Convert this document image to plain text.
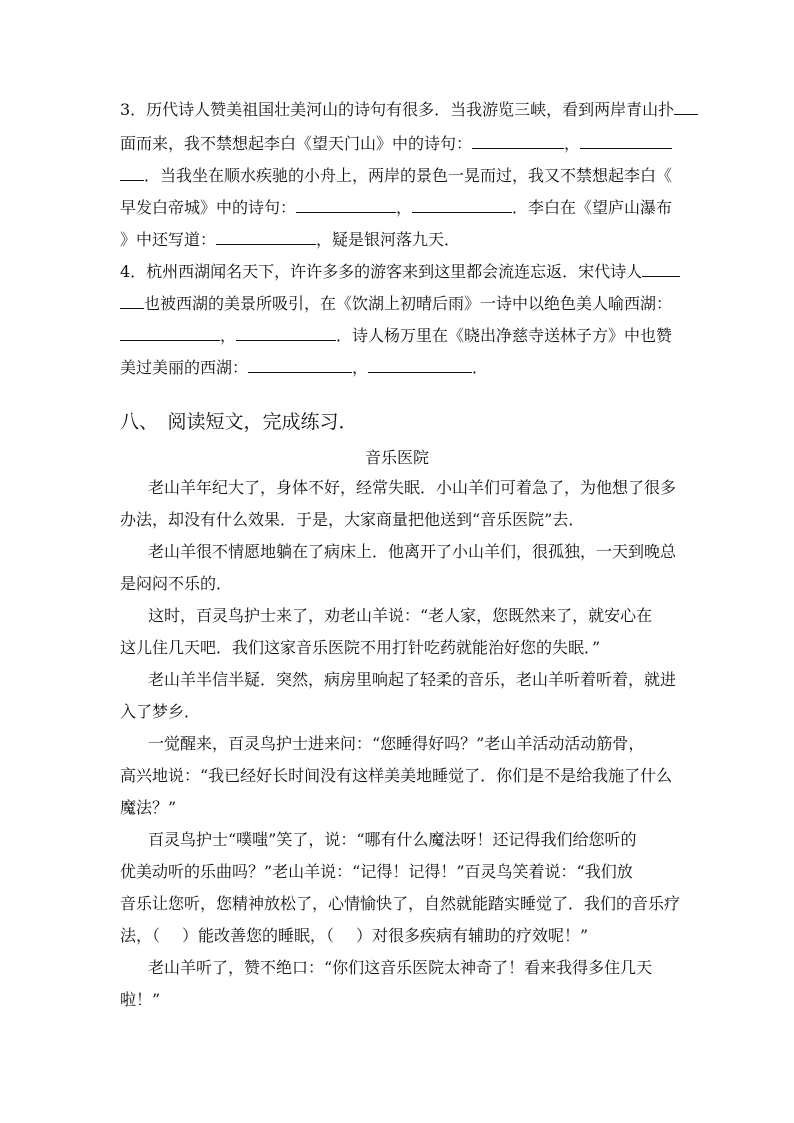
3．历代诗人赞美祖国壮美河山的诗句有很多．当我游览三峡，看到两岸青山扑
面而来，我不禁想起李白《望天门山》中的诗句：	，
．当我坐在顺水疾驰的小舟上，两岸的景色一晃而过，我又不禁想起李白《
早发白帝城》中的诗句：	，	．李白在《望庐山瀑布
》中还写道：	，疑是银河落九天．
4．杭州西湖闻名天下，许许多多的游客来到这里都会流连忘返．宋代诗人
也被西湖的美景所吸引，在《饮湖上初晴后雨》一诗中以绝色美人喻西湖：
，	．诗人杨万里在《晓出净慈寺送林子方》中也赞
美过美丽的西湖：	，	．
八、　阅读短文，完成练习．
音乐医院
老山羊年纪大了，身体不好，经常失眠．小山羊们可着急了，为他想了很多
办法，却没有什么效果．于是，大家商量把他送到“音乐医院”去．
老山羊很不情愿地躺在了病床上．他离开了小山羊们，很孤独，一天到晚总
是闷闷不乐的．
这时，百灵鸟护士来了，劝老山羊说：“老人家，您既然来了，就安心在
这儿住几天吧．我们这家音乐医院不用打针吃药就能治好您的失眠．”
老山羊半信半疑．突然，病房里响起了轻柔的音乐，老山羊听着听着，就进
入了梦乡．
一觉醒来，百灵鸟护士进来问：“您睡得好吗？”老山羊活动活动筋骨，
高兴地说：“我已经好长时间没有这样美美地睡觉了．你们是不是给我施了什么
魔法？”
百灵鸟护士“噗嗤”笑了，说：“哪有什么魔法呀！还记得我们给您听的
优美动听的乐曲吗？”老山羊说：“记得！记得！”百灵鸟笑着说：“我们放
音乐让您听，您精神放松了，心情愉快了，自然就能踏实睡觉了．我们的音乐疗
法，（ ）能改善您的睡眠，（ ）对很多疾病有辅助的疗效呢！”
老山羊听了，赞不绝口：“你们这音乐医院太神奇了！看来我得多住几天
啦！”
